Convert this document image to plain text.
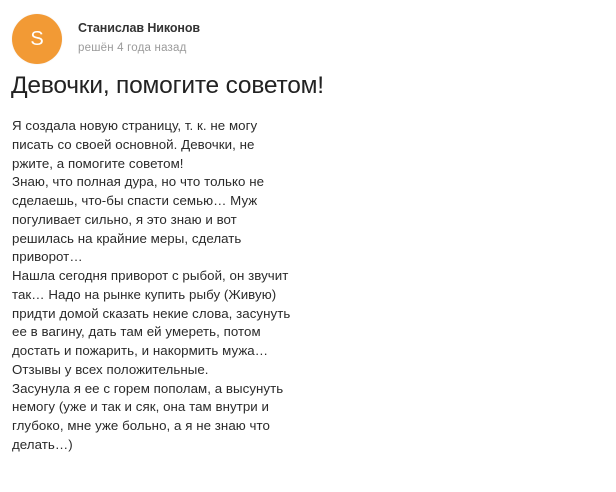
S	Станислав Никонов
решён 4 года назад
Девочки, помогите советом!
Я создала новую страницу, т. к. не могу
писать со своей основной. Девочки, не
ржите, а помогите советом!
Знаю, что полная дура, но что только не
сделаешь, что-бы спасти семью… Муж
погуливает сильно, я это знаю и вот
решилась на крайние меры, сделать
приворот…
Нашла сегодня приворот с рыбой, он звучит
так… Надо на рынке купить рыбу (Живую)
придти домой сказать некие слова, засунуть
ее в вагину, дать там ей умереть, потом
достать и пожарить, и накормить мужа…
Отзывы у всех положительные.
Засунула я ее с горем пополам, а высунуть
немогу (уже и так и сяк, она там внутри и
глубоко, мне уже больно, а я не знаю что
делать…)
